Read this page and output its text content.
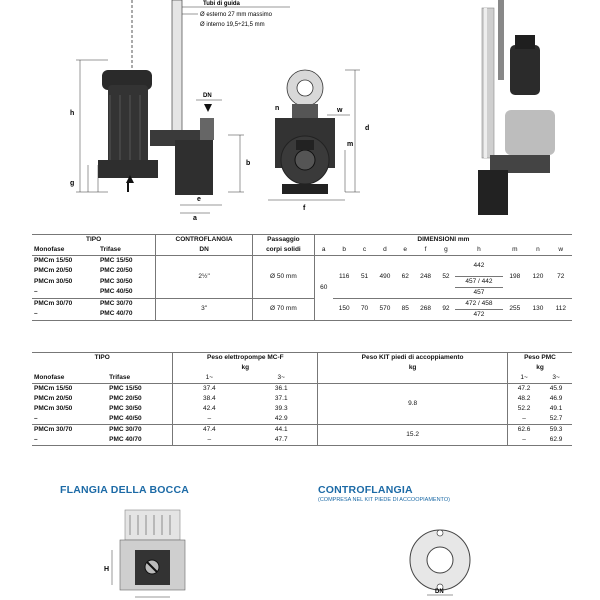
Tubi di guida
Ø esterno 27 mm massimo
Ø interno 19,5÷21,5 mm
h
g
b
e
a
DN
n
m
w
d
f
TIPO		CONTROFLANGIA	Passaggio	DIMENSIONI mm										
Monofase	Trifase	DN	corpi solidi	a	b	c	d	e	f	g	h	m	n	w
PMCm 15/50	PMC 15/50	2½"	Ø 50 mm	60	116	51	490	62	248	52	442	198	120	72
PMCm 20/50	PMC 20/50													
PMCm 30/50	PMC 30/50										457 / 442			
–	PMC 40/50										457			
PMCm 30/70	PMC 30/70	3"	Ø 70 mm		150	70	570	85	268	92	472 / 458	255	130	112
–	PMC 40/70										472			
TIPO		Peso elettropompe MC-F		Peso KIT piedi di accoppiamento	Peso PMC	
		kg		kg	kg	
Monofase	Trifase	1~	3~		1~	3~
PMCm 15/50	PMC 15/50	37.4	36.1	9.8	47.2	45.9
PMCm 20/50	PMC 20/50	38.4	37.1		48.2	46.9
PMCm 30/50	PMC 30/50	42.4	39.3		52.2	49.1
–	PMC 40/50	–	42.9		–	52.7
PMCm 30/70	PMC 30/70	47.4	44.1	15.2	62.6	59.3
–	PMC 40/70	–	47.7		–	62.9
FLANGIA DELLA BOCCA	CONTROFLANGIA
(COMPRESA NEL KIT PIEDE DI ACCOOPIAMENTO)
H
DN
